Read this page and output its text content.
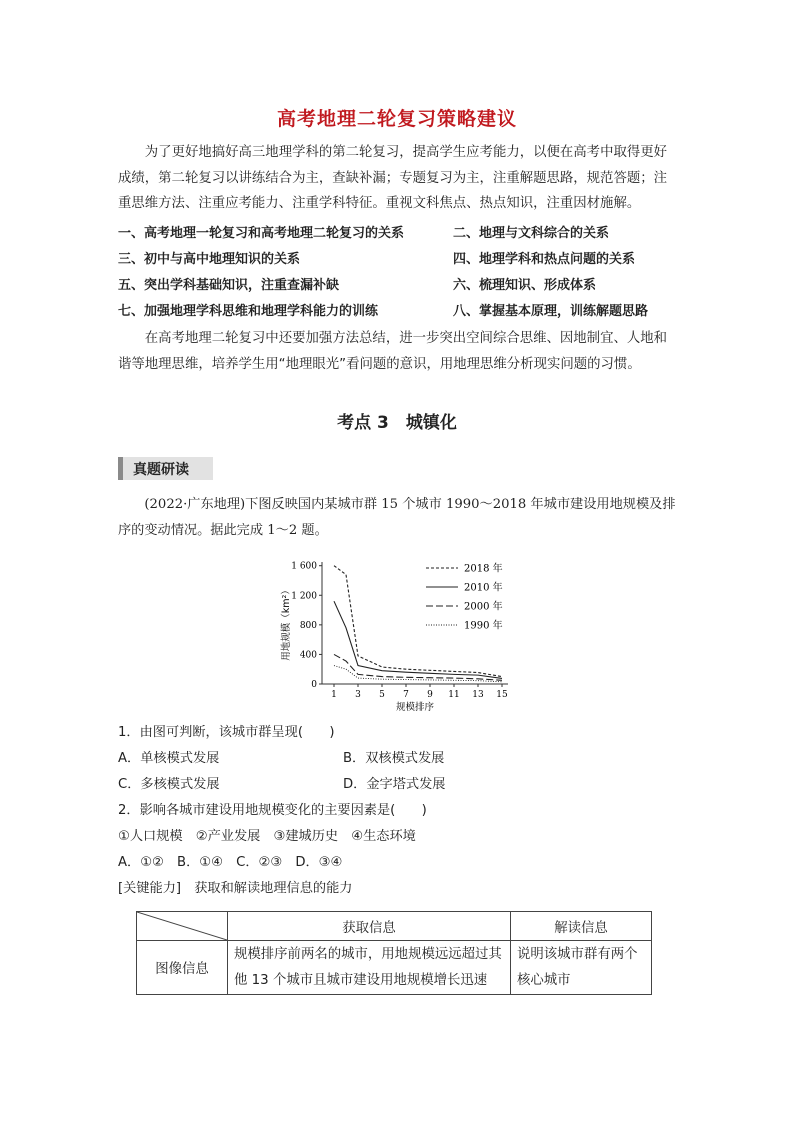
高考地理二轮复习策略建议

为了更好地搞好高三地理学科的第二轮复习，提高学生应考能力，以便在高考中取得更好成绩，第二轮复习以讲练结合为主，查缺补漏；专题复习为主，注重解题思路，规范答题；注重思维方法、注重应考能力、注重学科特征。重视文科焦点、热点知识，注重因材施解。

一、高考地理一轮复习和高考地理二轮复习的关系	二、地理与文科综合的关系
三、初中与高中地理知识的关系	四、地理学科和热点问题的关系
五、突出学科基础知识，注重查漏补缺	六、梳理知识、形成体系
七、加强地理学科思维和地理学科能力的训练	八、掌握基本原理，训练解题思路

在高考地理二轮复习中还要加强方法总结，进一步突出空间综合思维、因地制宜、人地和谐等地理思维，培养学生用“地理眼光”看问题的意识，用地理思维分析现实问题的习惯。

考点 3　城镇化
真题研读
(2022·广东地理)下图反映国内某城市群 15 个城市 1990～2018 年城市建设用地规模及排序的变动情况。据此完成 1～2 题。
0
400
800
1 200
1 600
1 3 5 7 9 11 13 15
规模排序
用地规模（km²）
2018 年
2010 年
2000 年
1990 年
1．由图可判断，该城市群呈现(　　)
A．单核模式发展	B．双核模式发展
C．多核模式发展	D．金字塔式发展
2．影响各城市建设用地规模变化的主要因素是(　　)
①人口规模　②产业发展　③建城历史　④生态环境
A．①②　B．①④　C．②③　D．③④
[关键能力]　获取和解读地理信息的能力
	获取信息	解读信息
图像信息	规模排序前两名的城市，用地规模远远超过其他 13 个城市且城市建设用地规模增长迅速	说明该城市群有两个核心城市
